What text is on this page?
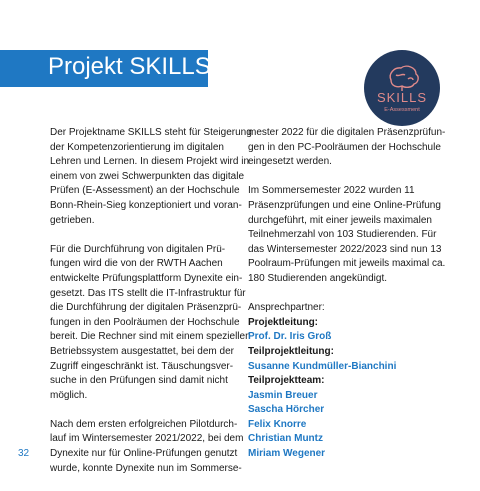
Projekt SKILLS
SKILLS
E-Assessment

Der Projektname SKILLS steht für Steigerung
der Kompetenzorientierung im digitalen
Lehren und Lernen. In diesem Projekt wird in
einem von zwei Schwerpunkten das digitale
Prüfen (E-Assessment) an der Hochschule
Bonn-Rhein-Sieg konzeptioniert und voran-
getrieben.

Für die Durchführung von digitalen Prü-
fungen wird die von der RWTH Aachen
entwickelte Prüfungsplattform Dynexite ein-
gesetzt. Das ITS stellt die IT-Infrastruktur für
die Durchführung der digitalen Präsenzprü-
fungen in den Poolräumen der Hochschule
bereit. Die Rechner sind mit einem speziellen
Betriebssystem ausgestattet, bei dem der
Zugriff eingeschränkt ist. Täuschungsver-
suche in den Prüfungen sind damit nicht
möglich.

Nach dem ersten erfolgreichen Pilotdurch-
lauf im Wintersemester 2021/2022, bei dem
Dynexite nur für Online-Prüfungen genutzt
wurde, konnte Dynexite nun im Sommerse-

mester 2022 für die digitalen Präsenzprüfun-
gen in den PC-Poolräumen der Hochschule
eingesetzt werden.

Im Sommersemester 2022 wurden 11
Präsenzprüfungen und eine Online-Prüfung
durchgeführt, mit einer jeweils maximalen
Teilnehmerzahl von 103 Studierenden. Für
das Wintersemester 2022/2023 sind nun 13
Poolraum-Prüfungen mit jeweils maximal ca.
180 Studierenden angekündigt.

Ansprechpartner:
Projektleitung:
Prof. Dr. Iris Groß
Teilprojektleitung:
Susanne Kundmüller-Bianchini
Teilprojektteam:
Jasmin Breuer
Sascha Hörcher
Felix Knorre
Christian Muntz
Miriam Wegener
32
